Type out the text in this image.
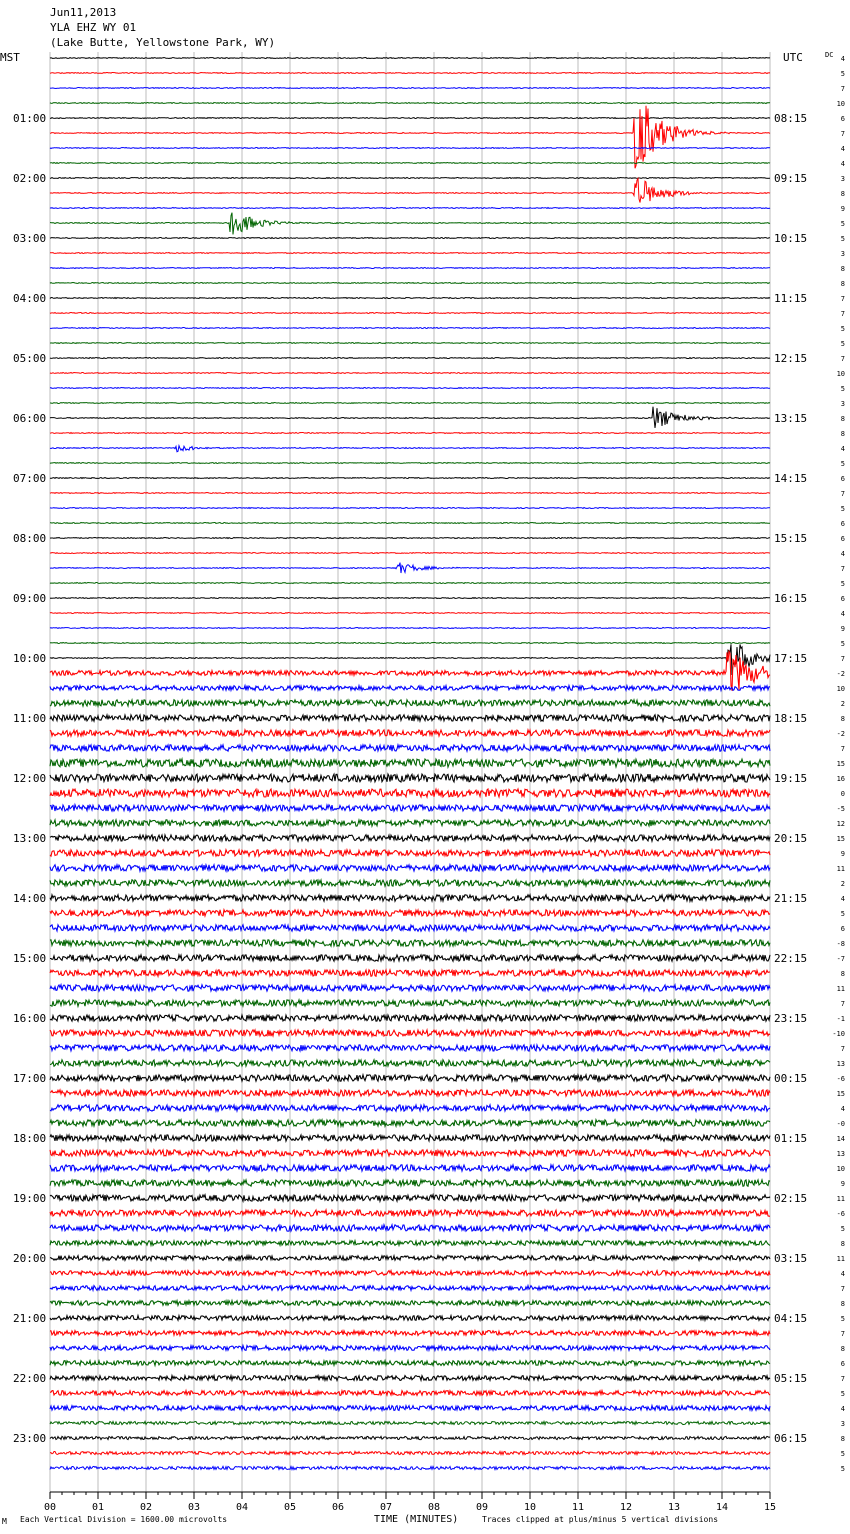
Jun11,2013
YLA EHZ WY 01
(Lake Butte, Yellowstone Park, WY)
MST	UTC	DC
01:00
02:00
03:00
04:00
05:00
06:00
07:00
08:00
09:00
10:00
11:00
12:00
13:00
14:00
15:00
16:00
17:00
18:00
19:00
20:00
21:00
22:00
23:00
08:15
09:15
10:15
11:15
12:15
13:15
14:15
15:15
16:15
17:15
18:15
19:15
20:15
21:15
22:15
23:15
00:15
01:15
02:15
03:15
04:15
05:15
06:15
4
5
7
10
6
7
4
4
3
8
9
5
5
3
8
8
7
7
5
5
7
10
5
3
8
8
4
5
6
7
5
6
6
4
7
5
6
4
9
5
7
-2
10
2
8
-2
7
15
16
0
-5
12
15
9
11
2
4
5
6
-8
-7
8
11
7
-1
-10
7
13
-6
15
4
-0
14
13
10
9
11
-6
5
8
11
4
7
8
5
7
8
6
7
5
4
3
8
5
5
00	01	02	03	04	05	06	07	08	09	10	11	12	13	14	15
M Each Vertical Division = 1600.00 microvolts	TIME (MINUTES)	Traces clipped at plus/minus 5 vertical divisions
